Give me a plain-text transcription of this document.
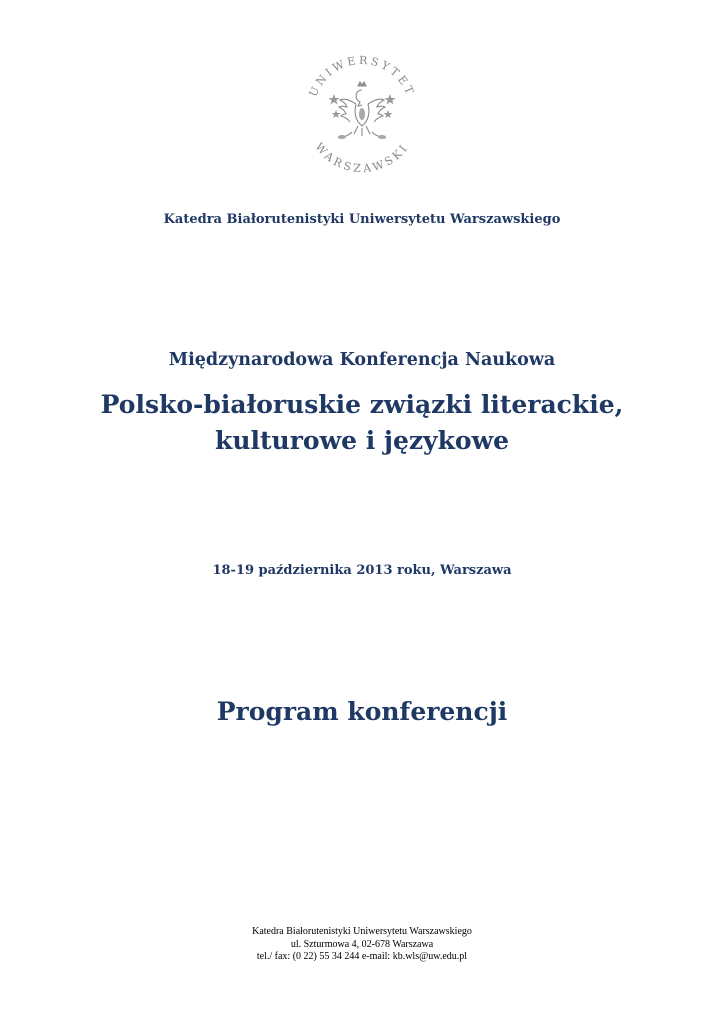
UNIWERSYTET
WARSZAWSKI
Katedra Białorutenistyki Uniwersytetu Warszawskiego
Międzynarodowa Konferencja Naukowa
Polsko-białoruskie związki literackie,
kulturowe i językowe
18-19 października 2013 roku, Warszawa
Program konferencji
Katedra Białorutenistyki Uniwersytetu Warszawskiego
ul. Szturmowa 4, 02-678 Warszawa
tel./ fax: (0 22) 55 34 244 e-mail: kb.wls@uw.edu.pl
